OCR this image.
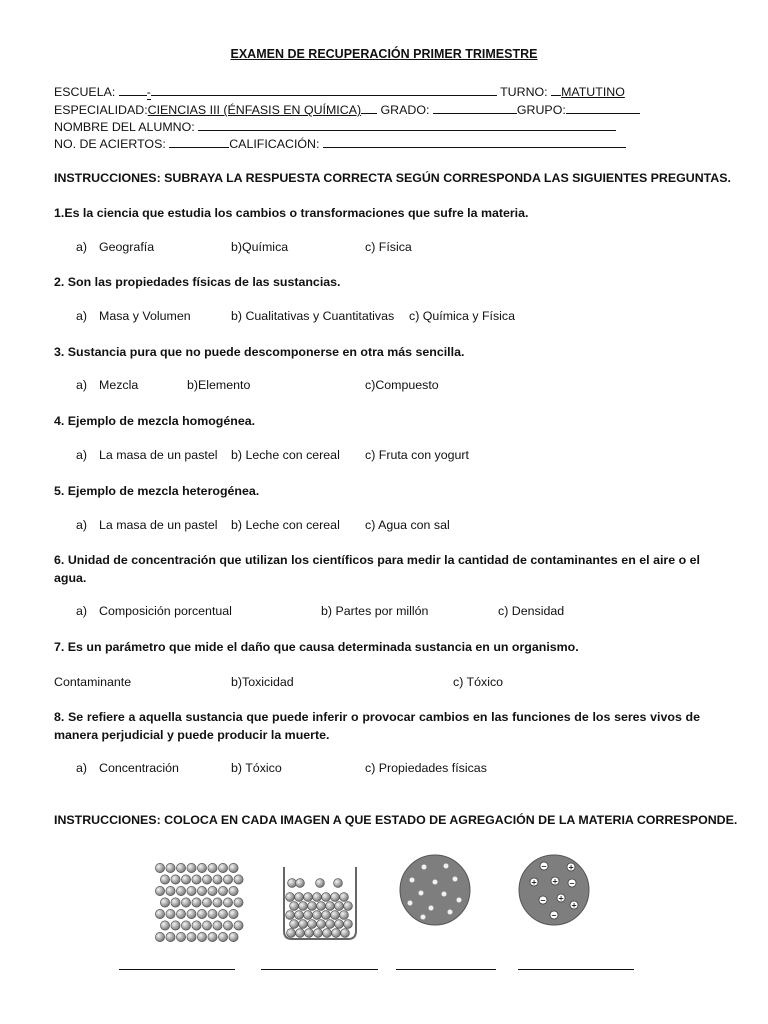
EXAMEN DE RECUPERACIÓN PRIMER TRIMESTRE
ESCUELA:	-	TURNO: MATUTINO
ESPECIALIDAD:CIENCIAS III (ÉNFASIS EN QUÍMICA) GRADO:	GRUPO:
NOMBRE DEL ALUMNO:
NO. DE ACIERTOS:	CALIFICACIÓN:
INSTRUCCIONES: SUBRAYA LA RESPUESTA CORRECTA SEGÚN CORRESPONDA LAS SIGUIENTES PREGUNTAS.
1.Es la ciencia que estudia los cambios o transformaciones que sufre la materia.
a) Geografía	b)Química	c) Física
2. Son las propiedades físicas de las sustancias.
a) Masa y Volumen	b) Cualitativas y Cuantitativas c) Química y Física
3. Sustancia pura que no puede descomponerse en otra más sencilla.
a) Mezcla	b)Elemento	c)Compuesto
4. Ejemplo de mezcla homogénea.
a) La masa de un pastel b) Leche con cereal c) Fruta con yogurt
5. Ejemplo de mezcla heterogénea.
a) La masa de un pastel b) Leche con cereal c) Agua con sal
6. Unidad de concentración que utilizan los científicos para medir la cantidad de contaminantes en el aire o el agua.
a) Composición porcentual	b) Partes por millón	c) Densidad
7. Es un parámetro que mide el daño que causa determinada sustancia en un organismo.
Contaminante	b)Toxicidad	c) Tóxico
8. Se refiere a aquella sustancia que puede inferir o provocar cambios en las funciones de los seres vivos de manera perjudicial y puede producir la muerte.
a) Concentración	b) Tóxico	c) Propiedades físicas
INSTRUCCIONES: COLOCA EN CADA IMAGEN A QUE ESTADO DE AGREGACIÓN DE LA MATERIA CORRESPONDE.
−	+
+ + −
+
−
+
−
